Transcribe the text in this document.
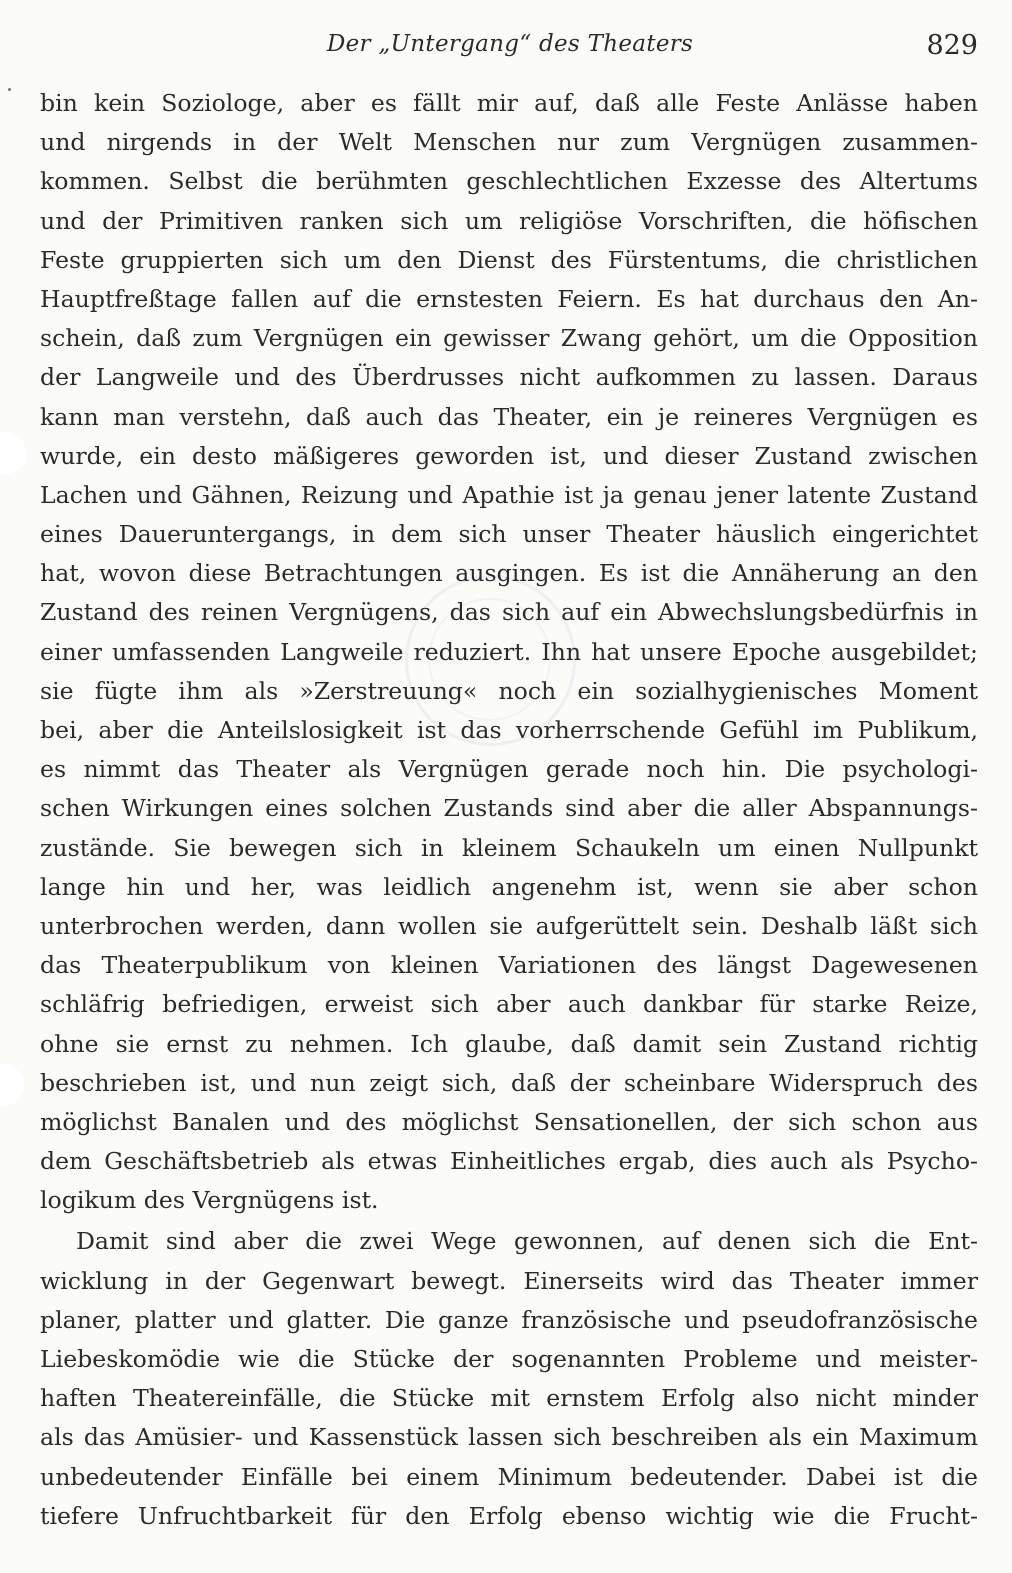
Der „Untergang“ des Theaters	829
bin kein Soziologe, aber es fällt mir auf, daß alle Feste Anlässe haben
und nirgends in der Welt Menschen nur zum Vergnügen zusammen-
kommen. Selbst die berühmten geschlechtlichen Exzesse des Altertums
und der Primitiven ranken sich um religiöse Vorschriften, die höfischen
Feste gruppierten sich um den Dienst des Fürstentums, die christlichen
Hauptfreßtage fallen auf die ernstesten Feiern. Es hat durchaus den An-
schein, daß zum Vergnügen ein gewisser Zwang gehört, um die Opposition
der Langweile und des Überdrusses nicht aufkommen zu lassen. Daraus
kann man verstehn, daß auch das Theater, ein je reineres Vergnügen es
wurde, ein desto mäßigeres geworden ist, und dieser Zustand zwischen
Lachen und Gähnen, Reizung und Apathie ist ja genau jener latente Zustand
eines Daueruntergangs, in dem sich unser Theater häuslich eingerichtet
hat, wovon diese Betrachtungen ausgingen. Es ist die Annäherung an den
Zustand des reinen Vergnügens, das sich auf ein Abwechslungsbedürfnis in
einer umfassenden Langweile reduziert. Ihn hat unsere Epoche ausgebildet;
sie fügte ihm als »Zerstreuung« noch ein sozialhygienisches Moment
bei, aber die Anteilslosigkeit ist das vorherrschende Gefühl im Publikum,
es nimmt das Theater als Vergnügen gerade noch hin. Die psychologi-
schen Wirkungen eines solchen Zustands sind aber die aller Abspannungs-
zustände. Sie bewegen sich in kleinem Schaukeln um einen Nullpunkt
lange hin und her, was leidlich angenehm ist, wenn sie aber schon
unterbrochen werden, dann wollen sie aufgerüttelt sein. Deshalb läßt sich
das Theaterpublikum von kleinen Variationen des längst Dagewesenen
schläfrig befriedigen, erweist sich aber auch dankbar für starke Reize,
ohne sie ernst zu nehmen. Ich glaube, daß damit sein Zustand richtig
beschrieben ist, und nun zeigt sich, daß der scheinbare Widerspruch des
möglichst Banalen und des möglichst Sensationellen, der sich schon aus
dem Geschäftsbetrieb als etwas Einheitliches ergab, dies auch als Psycho-
logikum des Vergnügens ist.
Damit sind aber die zwei Wege gewonnen, auf denen sich die Ent-
wicklung in der Gegenwart bewegt. Einerseits wird das Theater immer
planer, platter und glatter. Die ganze französische und pseudofranzösische
Liebeskomödie wie die Stücke der sogenannten Probleme und meister-
haften Theatereinfälle, die Stücke mit ernstem Erfolg also nicht minder
als das Amüsier- und Kassenstück lassen sich beschreiben als ein Maximum
unbedeutender Einfälle bei einem Minimum bedeutender. Dabei ist die
tiefere Unfruchtbarkeit für den Erfolg ebenso wichtig wie die Frucht-
